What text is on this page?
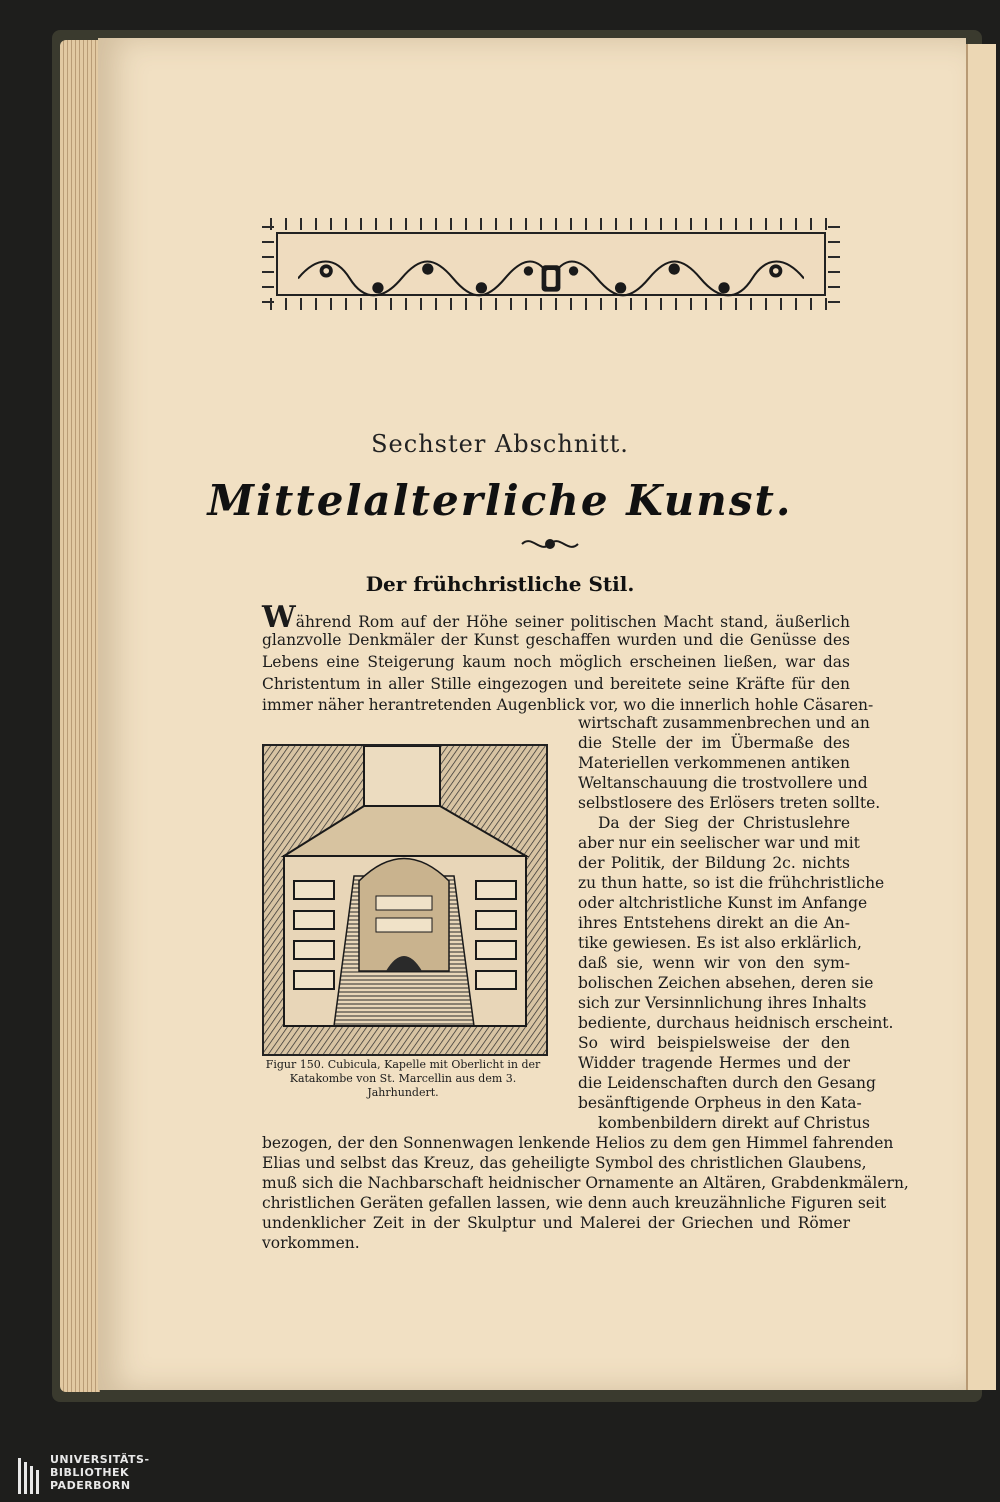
Sechster Abschnitt.
Mittelalterliche Kunst.
Der frühchristliche Stil.
Während Rom auf der Höhe seiner politischen Macht stand, äußerlich
glanzvolle Denkmäler der Kunst geschaffen wurden und die Genüsse des
Lebens eine Steigerung kaum noch möglich erscheinen ließen, war das
Christentum in aller Stille eingezogen und bereitete seine Kräfte für den
immer näher herantretenden Augenblick vor, wo die innerlich hohle Cäsaren-
wirtschaft zusammenbrechen und an
die Stelle der im Übermaße des
Materiellen verkommenen antiken
Weltanschauung die trostvollere und
selbstlosere des Erlösers treten sollte.
Da der Sieg der Christuslehre
aber nur ein seelischer war und mit
der Politik, der Bildung 2c. nichts
zu thun hatte, so ist die frühchristliche
oder altchristliche Kunst im Anfange
ihres Entstehens direkt an die An-
tike gewiesen. Es ist also erklärlich,
daß sie, wenn wir von den sym-
bolischen Zeichen absehen, deren sie
sich zur Versinnlichung ihres Inhalts
bediente, durchaus heidnisch erscheint.
So wird beispielsweise der den
Widder tragende Hermes und der
die Leidenschaften durch den Gesang
besänftigende Orpheus in den Kata-
kombenbildern direkt auf Christus
Figur 150. Cubicula, Kapelle mit Oberlicht in der
Katakombe von St. Marcellin aus dem 3. Jahrhundert.
bezogen, der den Sonnenwagen lenkende Helios zu dem gen Himmel fahrenden
Elias und selbst das Kreuz, das geheiligte Symbol des christlichen Glaubens,
muß sich die Nachbarschaft heidnischer Ornamente an Altären, Grabdenkmälern,
christlichen Geräten gefallen lassen, wie denn auch kreuzähnliche Figuren seit
undenklicher Zeit in der Skulptur und Malerei der Griechen und Römer
vorkommen.
UNIVERSITÄTS-
BIBLIOTHEK
PADERBORN
